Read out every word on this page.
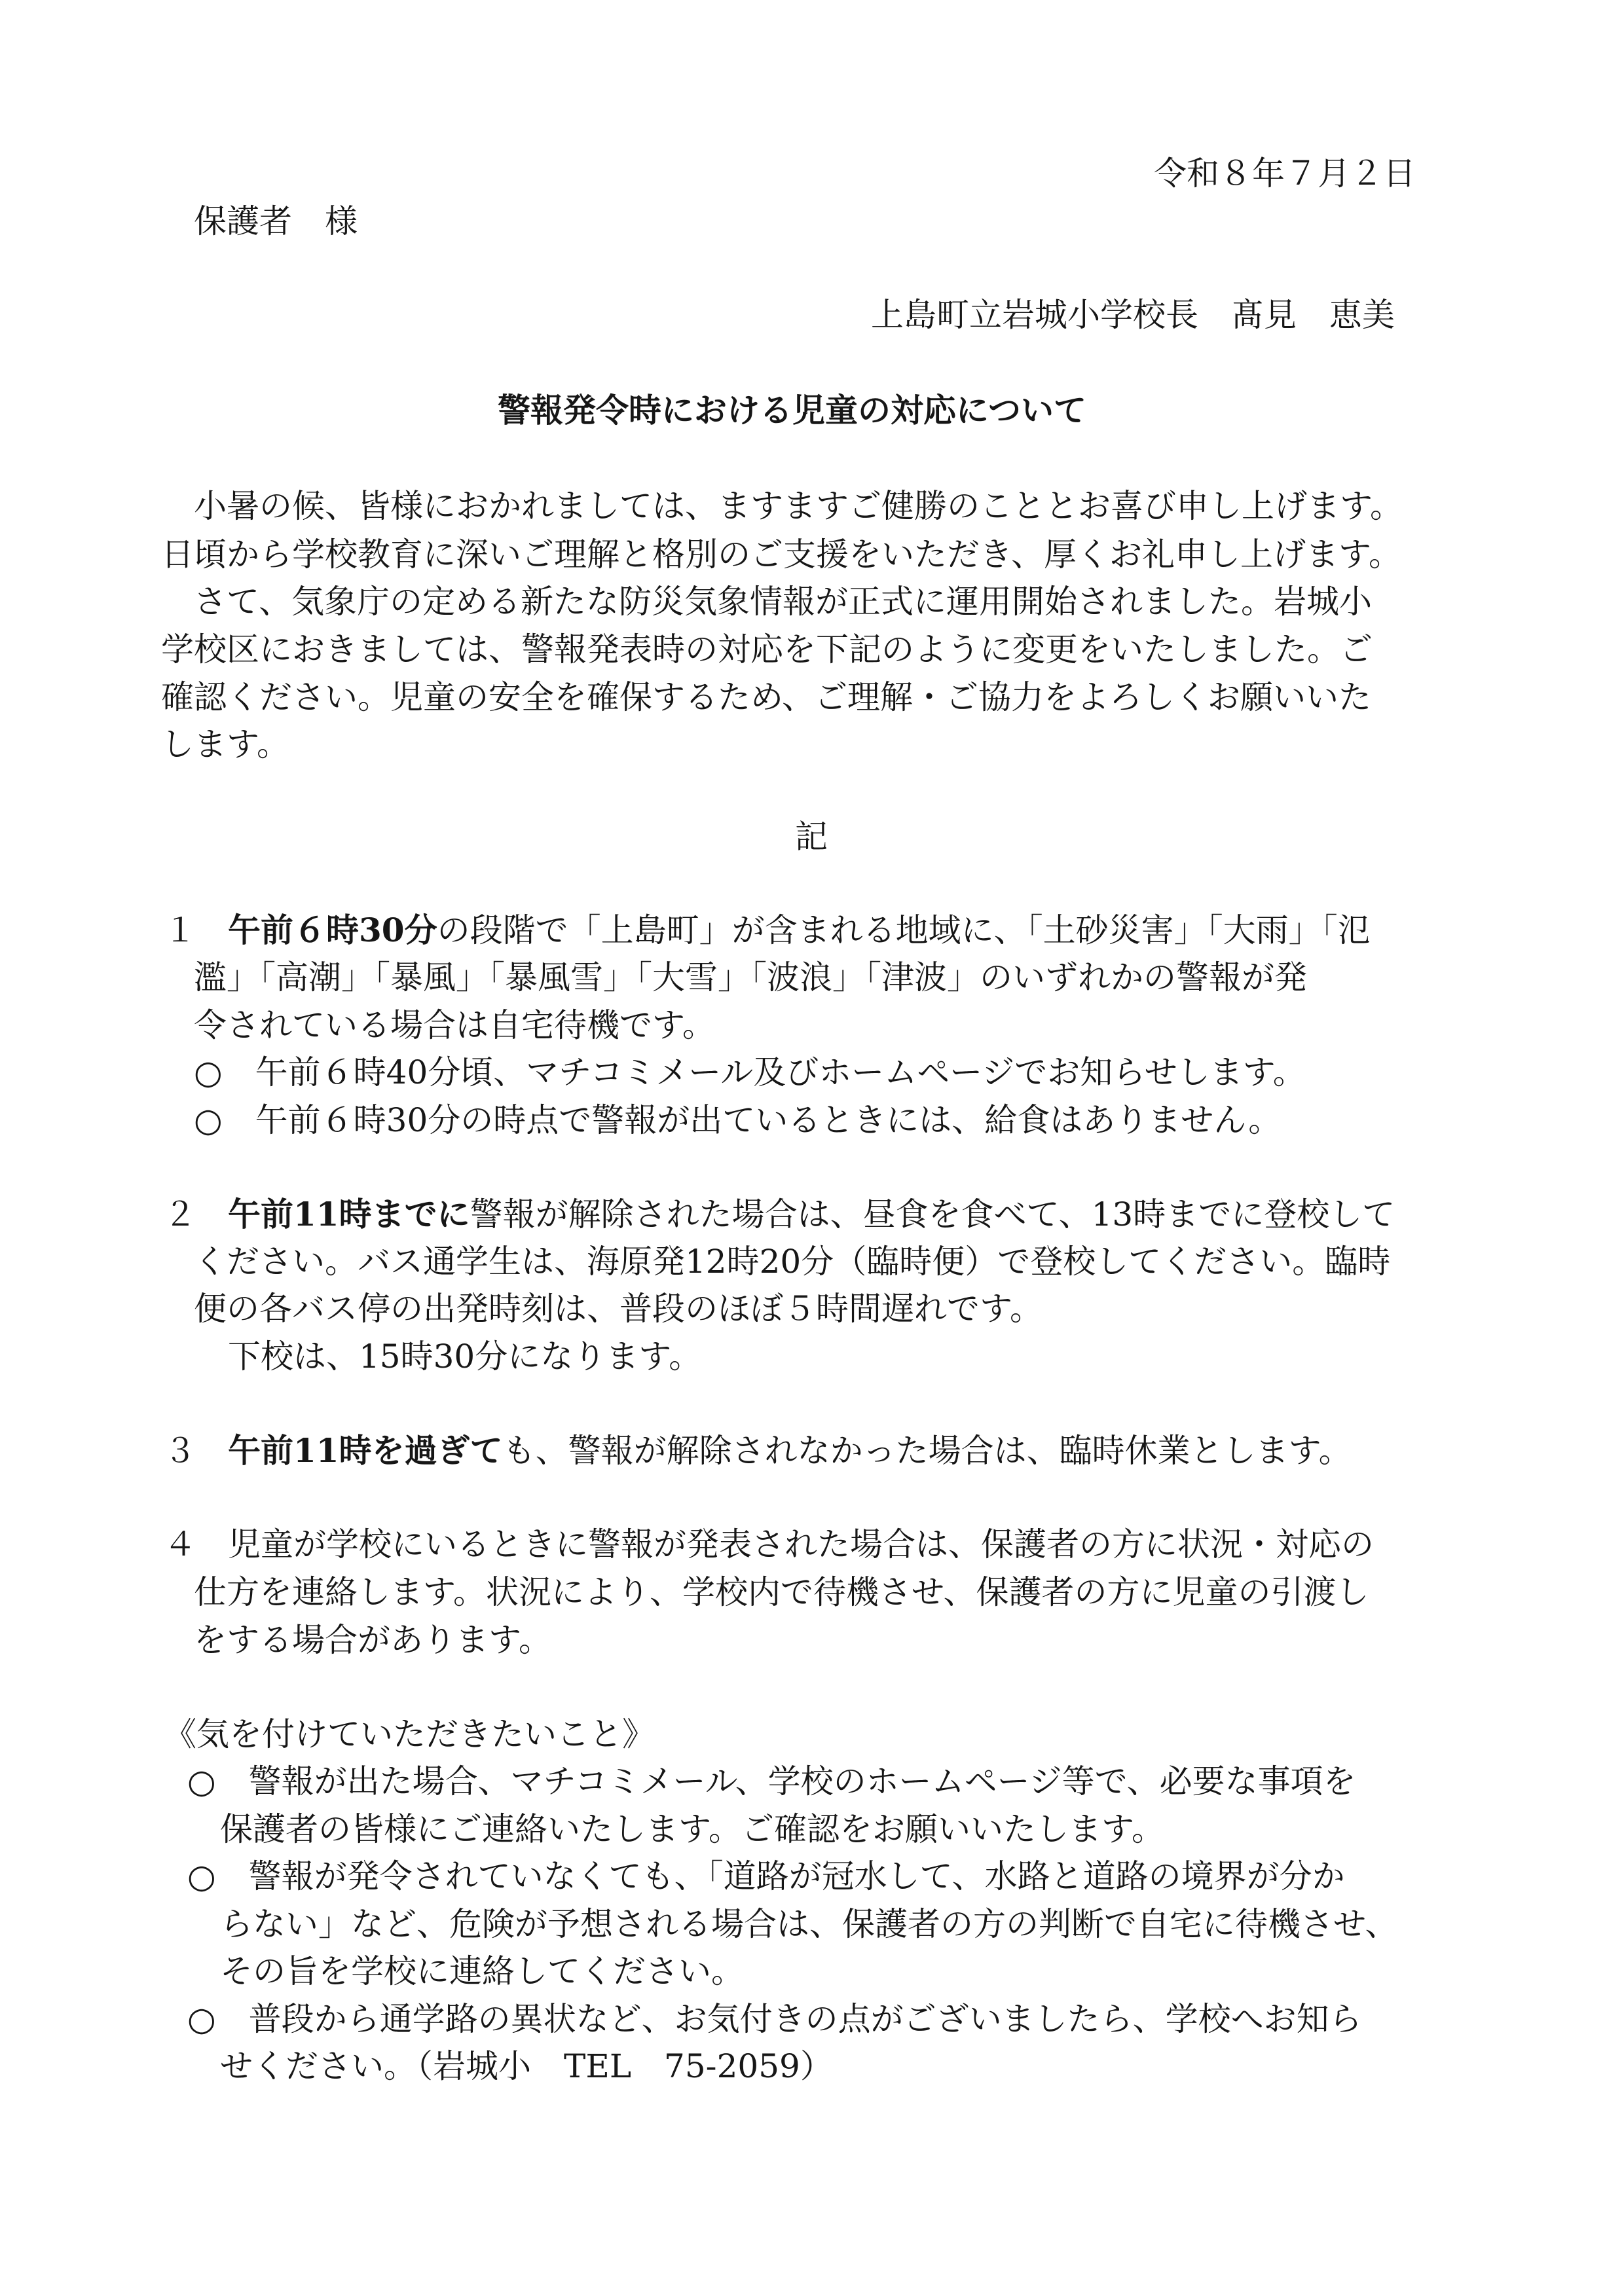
令和８年７月２日

保護者　様

上島町立岩城小学校長　髙見　恵美

警報発令時における児童の対応について

小暑の候、皆様におかれましては、ますますご健勝のこととお喜び申し上げます。

日頃から学校教育に深いご理解と格別のご支援をいただき、厚くお礼申し上げます。

さて、気象庁の定める新たな防災気象情報が正式に運用開始されました。岩城小

学校区におきましては、警報発表時の対応を下記のように変更をいたしました。ご

確認ください。児童の安全を確保するため、ご理解・ご協力をよろしくお願いいた

します。

記

１ 午前６時30分の段階で「上島町」が含まれる地域に、「土砂災害」「大雨」「氾

濫」「高潮」「暴風」「暴風雪」「大雪」「波浪」「津波」のいずれかの警報が発

令されている場合は自宅待機です。

○　午前６時40分頃、マチコミメール及びホームページでお知らせします。

○　午前６時30分の時点で警報が出ているときには、給食はありません。

２ 午前11時までに警報が解除された場合は、昼食を食べて、13時までに登校して

ください。バス通学生は、海原発12時20分（臨時便）で登校してください。臨時

便の各バス停の出発時刻は、普段のほぼ５時間遅れです。

下校は、15時30分になります。

３ 午前11時を過ぎても、警報が解除されなかった場合は、臨時休業とします。

４ 児童が学校にいるときに警報が発表された場合は、保護者の方に状況・対応の

仕方を連絡します。状況により、学校内で待機させ、保護者の方に児童の引渡し

をする場合があります。

《気を付けていただきたいこと》

○　警報が出た場合、マチコミメール、学校のホームページ等で、必要な事項を

保護者の皆様にご連絡いたします。ご確認をお願いいたします。

○　警報が発令されていなくても、「道路が冠水して、水路と道路の境界が分か

らない」など、危険が予想される場合は、保護者の方の判断で自宅に待機させ、

その旨を学校に連絡してください。

○　普段から通学路の異状など、お気付きの点がございましたら、学校へお知ら

せください。（岩城小　TEL　75-2059）
